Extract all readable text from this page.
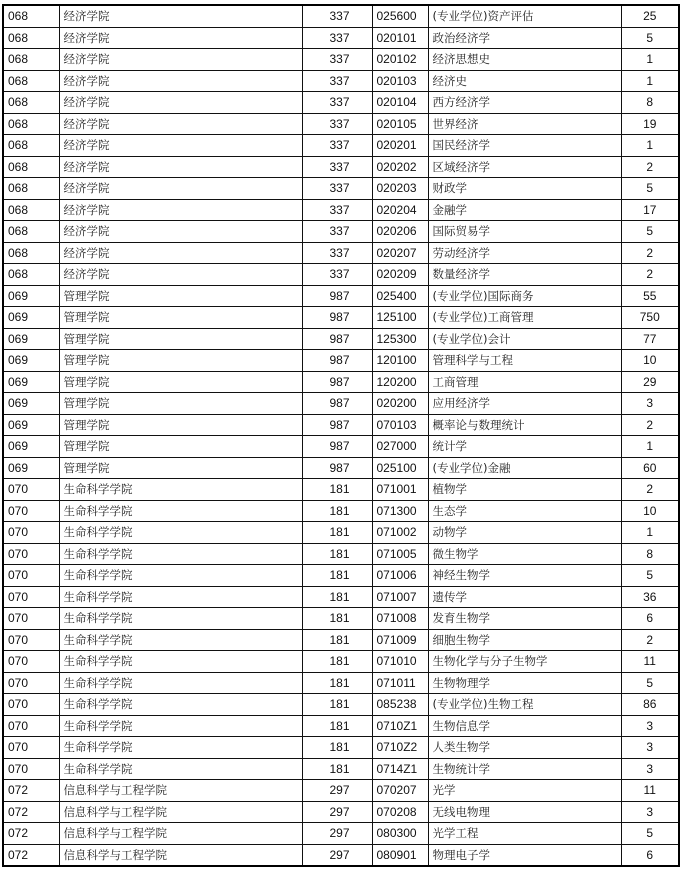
068	经济学院	337	025600	(专业学位)资产评估	25
068	经济学院	337	020101	政治经济学	5
068	经济学院	337	020102	经济思想史	1
068	经济学院	337	020103	经济史	1
068	经济学院	337	020104	西方经济学	8
068	经济学院	337	020105	世界经济	19
068	经济学院	337	020201	国民经济学	1
068	经济学院	337	020202	区域经济学	2
068	经济学院	337	020203	财政学	5
068	经济学院	337	020204	金融学	17
068	经济学院	337	020206	国际贸易学	5
068	经济学院	337	020207	劳动经济学	2
068	经济学院	337	020209	数量经济学	2
069	管理学院	987	025400	(专业学位)国际商务	55
069	管理学院	987	125100	(专业学位)工商管理	750
069	管理学院	987	125300	(专业学位)会计	77
069	管理学院	987	120100	管理科学与工程	10
069	管理学院	987	120200	工商管理	29
069	管理学院	987	020200	应用经济学	3
069	管理学院	987	070103	概率论与数理统计	2
069	管理学院	987	027000	统计学	1
069	管理学院	987	025100	(专业学位)金融	60
070	生命科学学院	181	071001	植物学	2
070	生命科学学院	181	071300	生态学	10
070	生命科学学院	181	071002	动物学	1
070	生命科学学院	181	071005	微生物学	8
070	生命科学学院	181	071006	神经生物学	5
070	生命科学学院	181	071007	遗传学	36
070	生命科学学院	181	071008	发育生物学	6
070	生命科学学院	181	071009	细胞生物学	2
070	生命科学学院	181	071010	生物化学与分子生物学	11
070	生命科学学院	181	071011	生物物理学	5
070	生命科学学院	181	085238	(专业学位)生物工程	86
070	生命科学学院	181	0710Z1	生物信息学	3
070	生命科学学院	181	0710Z2	人类生物学	3
070	生命科学学院	181	0714Z1	生物统计学	3
072	信息科学与工程学院	297	070207	光学	11
072	信息科学与工程学院	297	070208	无线电物理	3
072	信息科学与工程学院	297	080300	光学工程	5
072	信息科学与工程学院	297	080901	物理电子学	6
